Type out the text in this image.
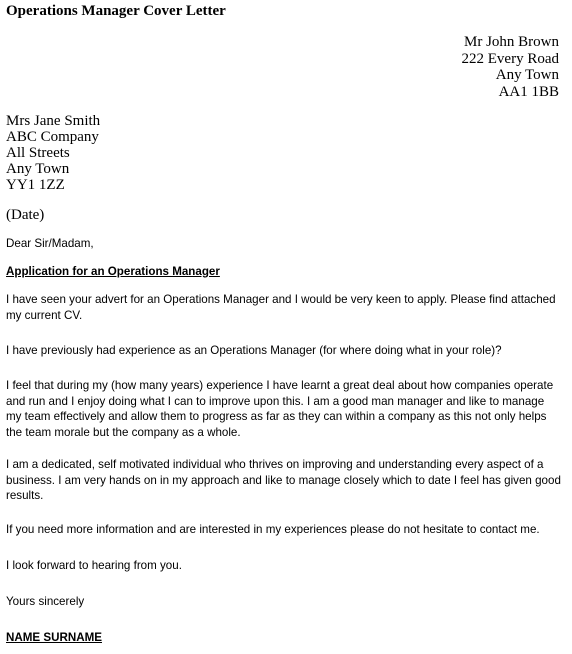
Operations Manager Cover Letter
Mr John Brown
222 Every Road
Any Town
AA1 1BB
Mrs Jane Smith
ABC Company
All Streets
Any Town
YY1 1ZZ
(Date)

Dear Sir/Madam,

Application for an Operations Manager

I have seen your advert for an Operations Manager and I would be very keen to apply. Please find attached my current CV.

I have previously had experience as an Operations Manager (for where doing what in your role)?

I feel that during my (how many years) experience I have learnt a great deal about how companies operate and run and I enjoy doing what I can to improve upon this. I am a good man manager and like to manage my team effectively and allow them to progress as far as they can within a company as this not only helps the team morale but the company as a whole.

I am a dedicated, self motivated individual who thrives on improving and understanding every aspect of a business. I am very hands on in my approach and like to manage closely which to date I feel has given good results.

If you need more information and are interested in my experiences please do not hesitate to contact me.

I look forward to hearing from you.

Yours sincerely

NAME SURNAME
